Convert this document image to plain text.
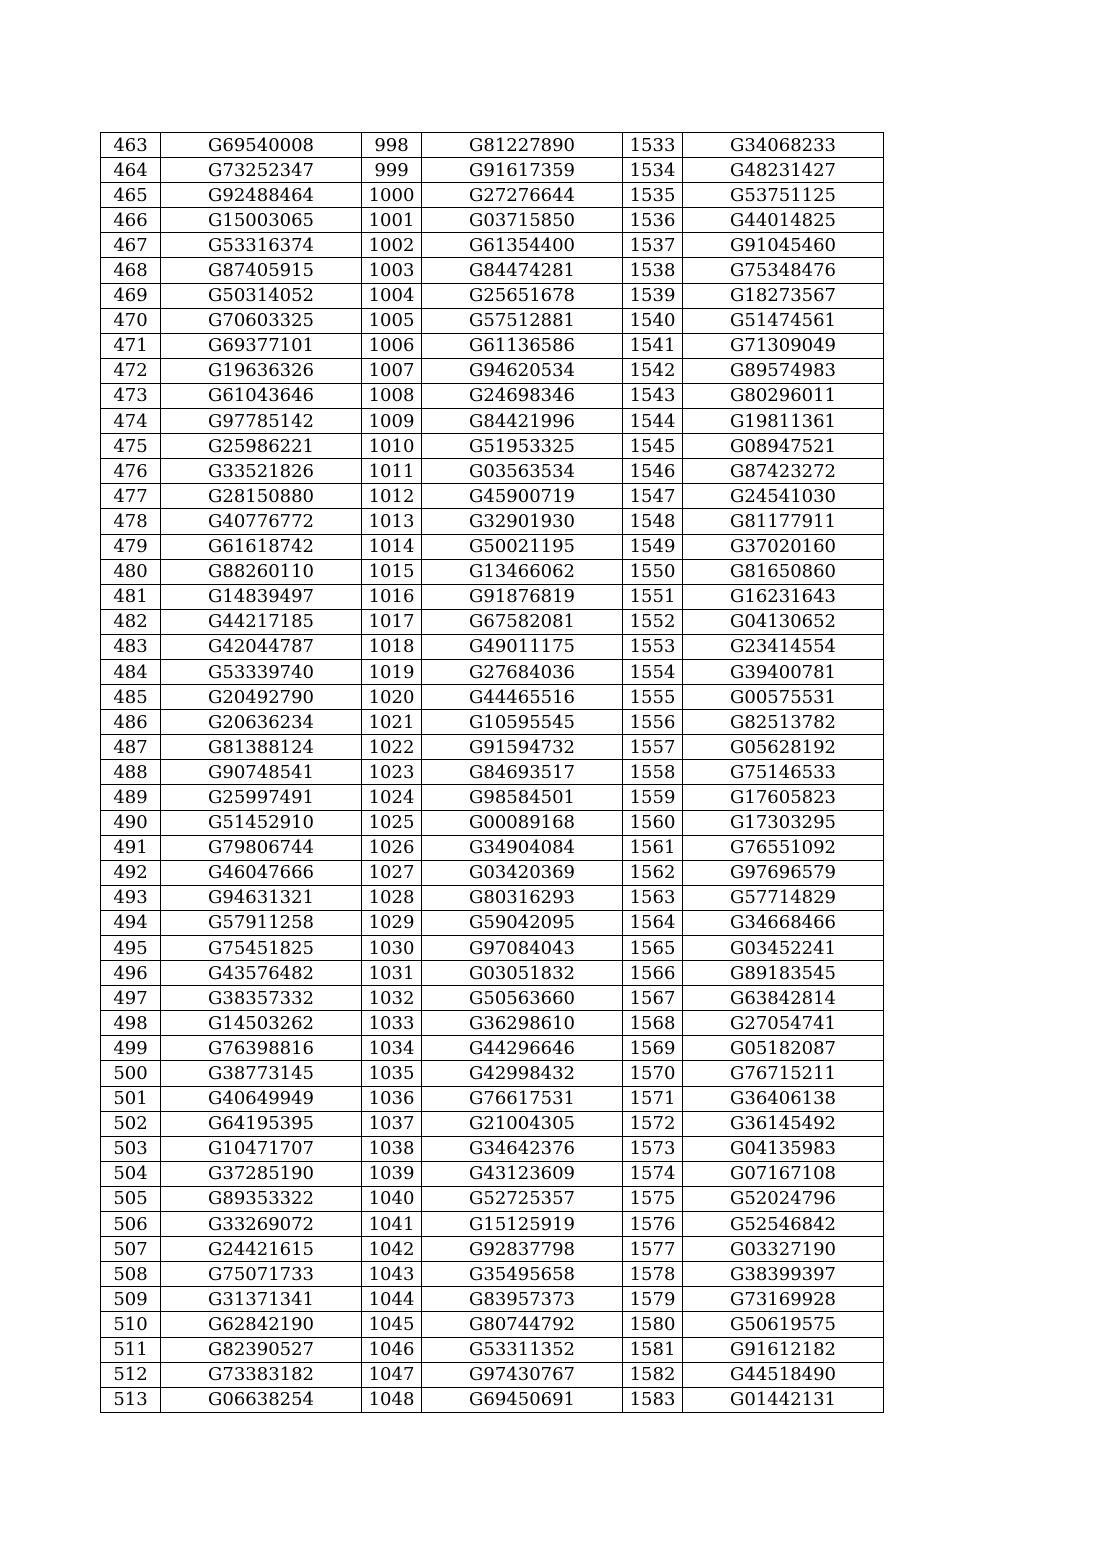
463	G69540008	998	G81227890	1533	G34068233
464	G73252347	999	G91617359	1534	G48231427
465	G92488464	1000	G27276644	1535	G53751125
466	G15003065	1001	G03715850	1536	G44014825
467	G53316374	1002	G61354400	1537	G91045460
468	G87405915	1003	G84474281	1538	G75348476
469	G50314052	1004	G25651678	1539	G18273567
470	G70603325	1005	G57512881	1540	G51474561
471	G69377101	1006	G61136586	1541	G71309049
472	G19636326	1007	G94620534	1542	G89574983
473	G61043646	1008	G24698346	1543	G80296011
474	G97785142	1009	G84421996	1544	G19811361
475	G25986221	1010	G51953325	1545	G08947521
476	G33521826	1011	G03563534	1546	G87423272
477	G28150880	1012	G45900719	1547	G24541030
478	G40776772	1013	G32901930	1548	G81177911
479	G61618742	1014	G50021195	1549	G37020160
480	G88260110	1015	G13466062	1550	G81650860
481	G14839497	1016	G91876819	1551	G16231643
482	G44217185	1017	G67582081	1552	G04130652
483	G42044787	1018	G49011175	1553	G23414554
484	G53339740	1019	G27684036	1554	G39400781
485	G20492790	1020	G44465516	1555	G00575531
486	G20636234	1021	G10595545	1556	G82513782
487	G81388124	1022	G91594732	1557	G05628192
488	G90748541	1023	G84693517	1558	G75146533
489	G25997491	1024	G98584501	1559	G17605823
490	G51452910	1025	G00089168	1560	G17303295
491	G79806744	1026	G34904084	1561	G76551092
492	G46047666	1027	G03420369	1562	G97696579
493	G94631321	1028	G80316293	1563	G57714829
494	G57911258	1029	G59042095	1564	G34668466
495	G75451825	1030	G97084043	1565	G03452241
496	G43576482	1031	G03051832	1566	G89183545
497	G38357332	1032	G50563660	1567	G63842814
498	G14503262	1033	G36298610	1568	G27054741
499	G76398816	1034	G44296646	1569	G05182087
500	G38773145	1035	G42998432	1570	G76715211
501	G40649949	1036	G76617531	1571	G36406138
502	G64195395	1037	G21004305	1572	G36145492
503	G10471707	1038	G34642376	1573	G04135983
504	G37285190	1039	G43123609	1574	G07167108
505	G89353322	1040	G52725357	1575	G52024796
506	G33269072	1041	G15125919	1576	G52546842
507	G24421615	1042	G92837798	1577	G03327190
508	G75071733	1043	G35495658	1578	G38399397
509	G31371341	1044	G83957373	1579	G73169928
510	G62842190	1045	G80744792	1580	G50619575
511	G82390527	1046	G53311352	1581	G91612182
512	G73383182	1047	G97430767	1582	G44518490
513	G06638254	1048	G69450691	1583	G01442131
